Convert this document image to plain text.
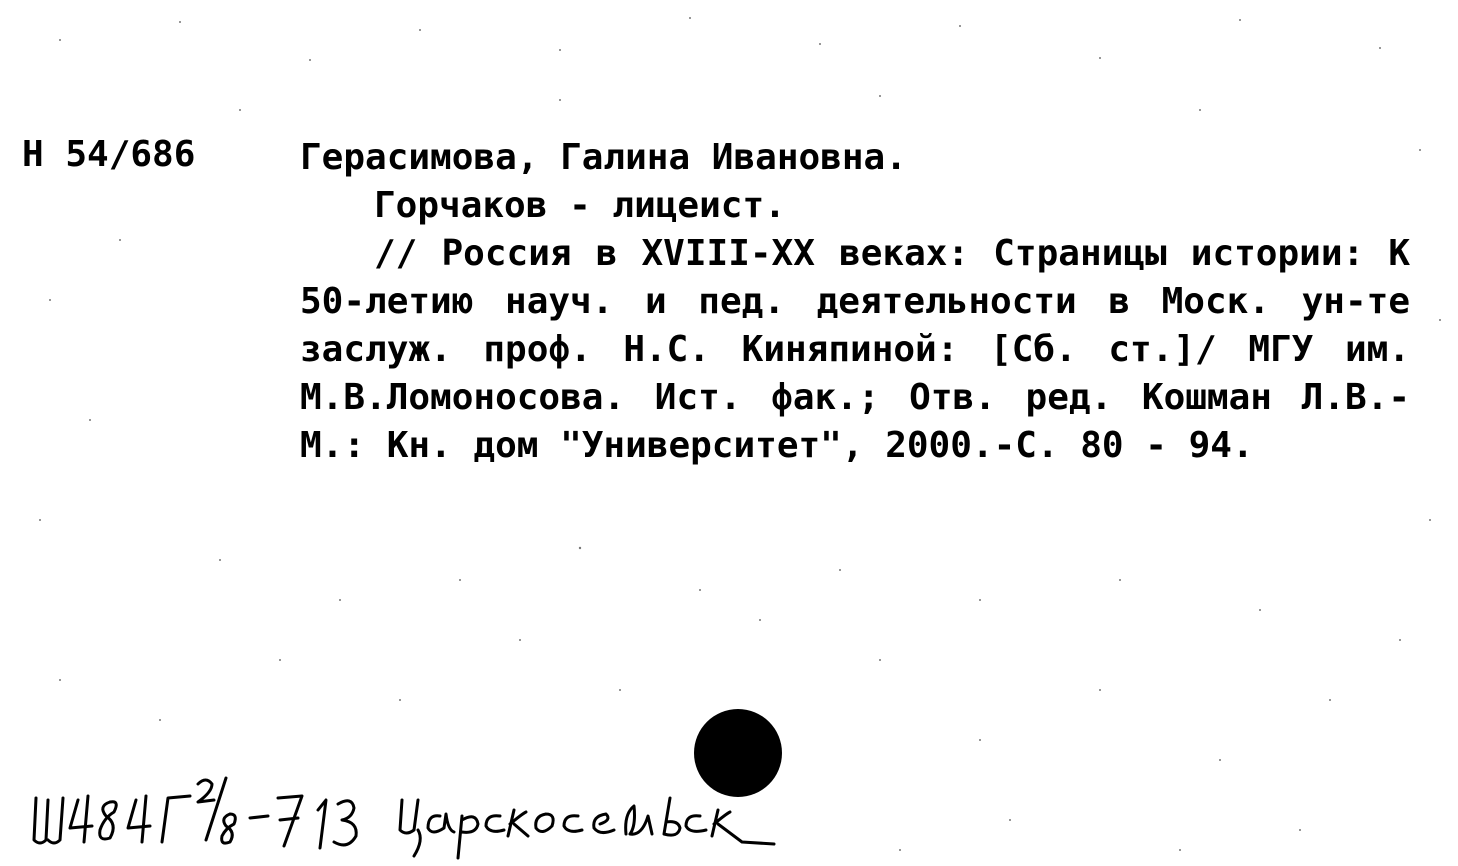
Н 54/686	Герасимова, Галина Ивановна.
Горчаков - лицеист.
// Россия в XVIII-XX веках: Страницы истории: К 50-летию науч. и пед. деятельности в Моск. ун-те заслуж. проф. Н.С. Киняпиной: [Сб. ст.]/ МГУ им. М.В.Ломоносова. Ист. фак.; Отв. ред. Кошман Л.В.- М.: Кн. дом "Университет", 2000.-С. 80 - 94.
